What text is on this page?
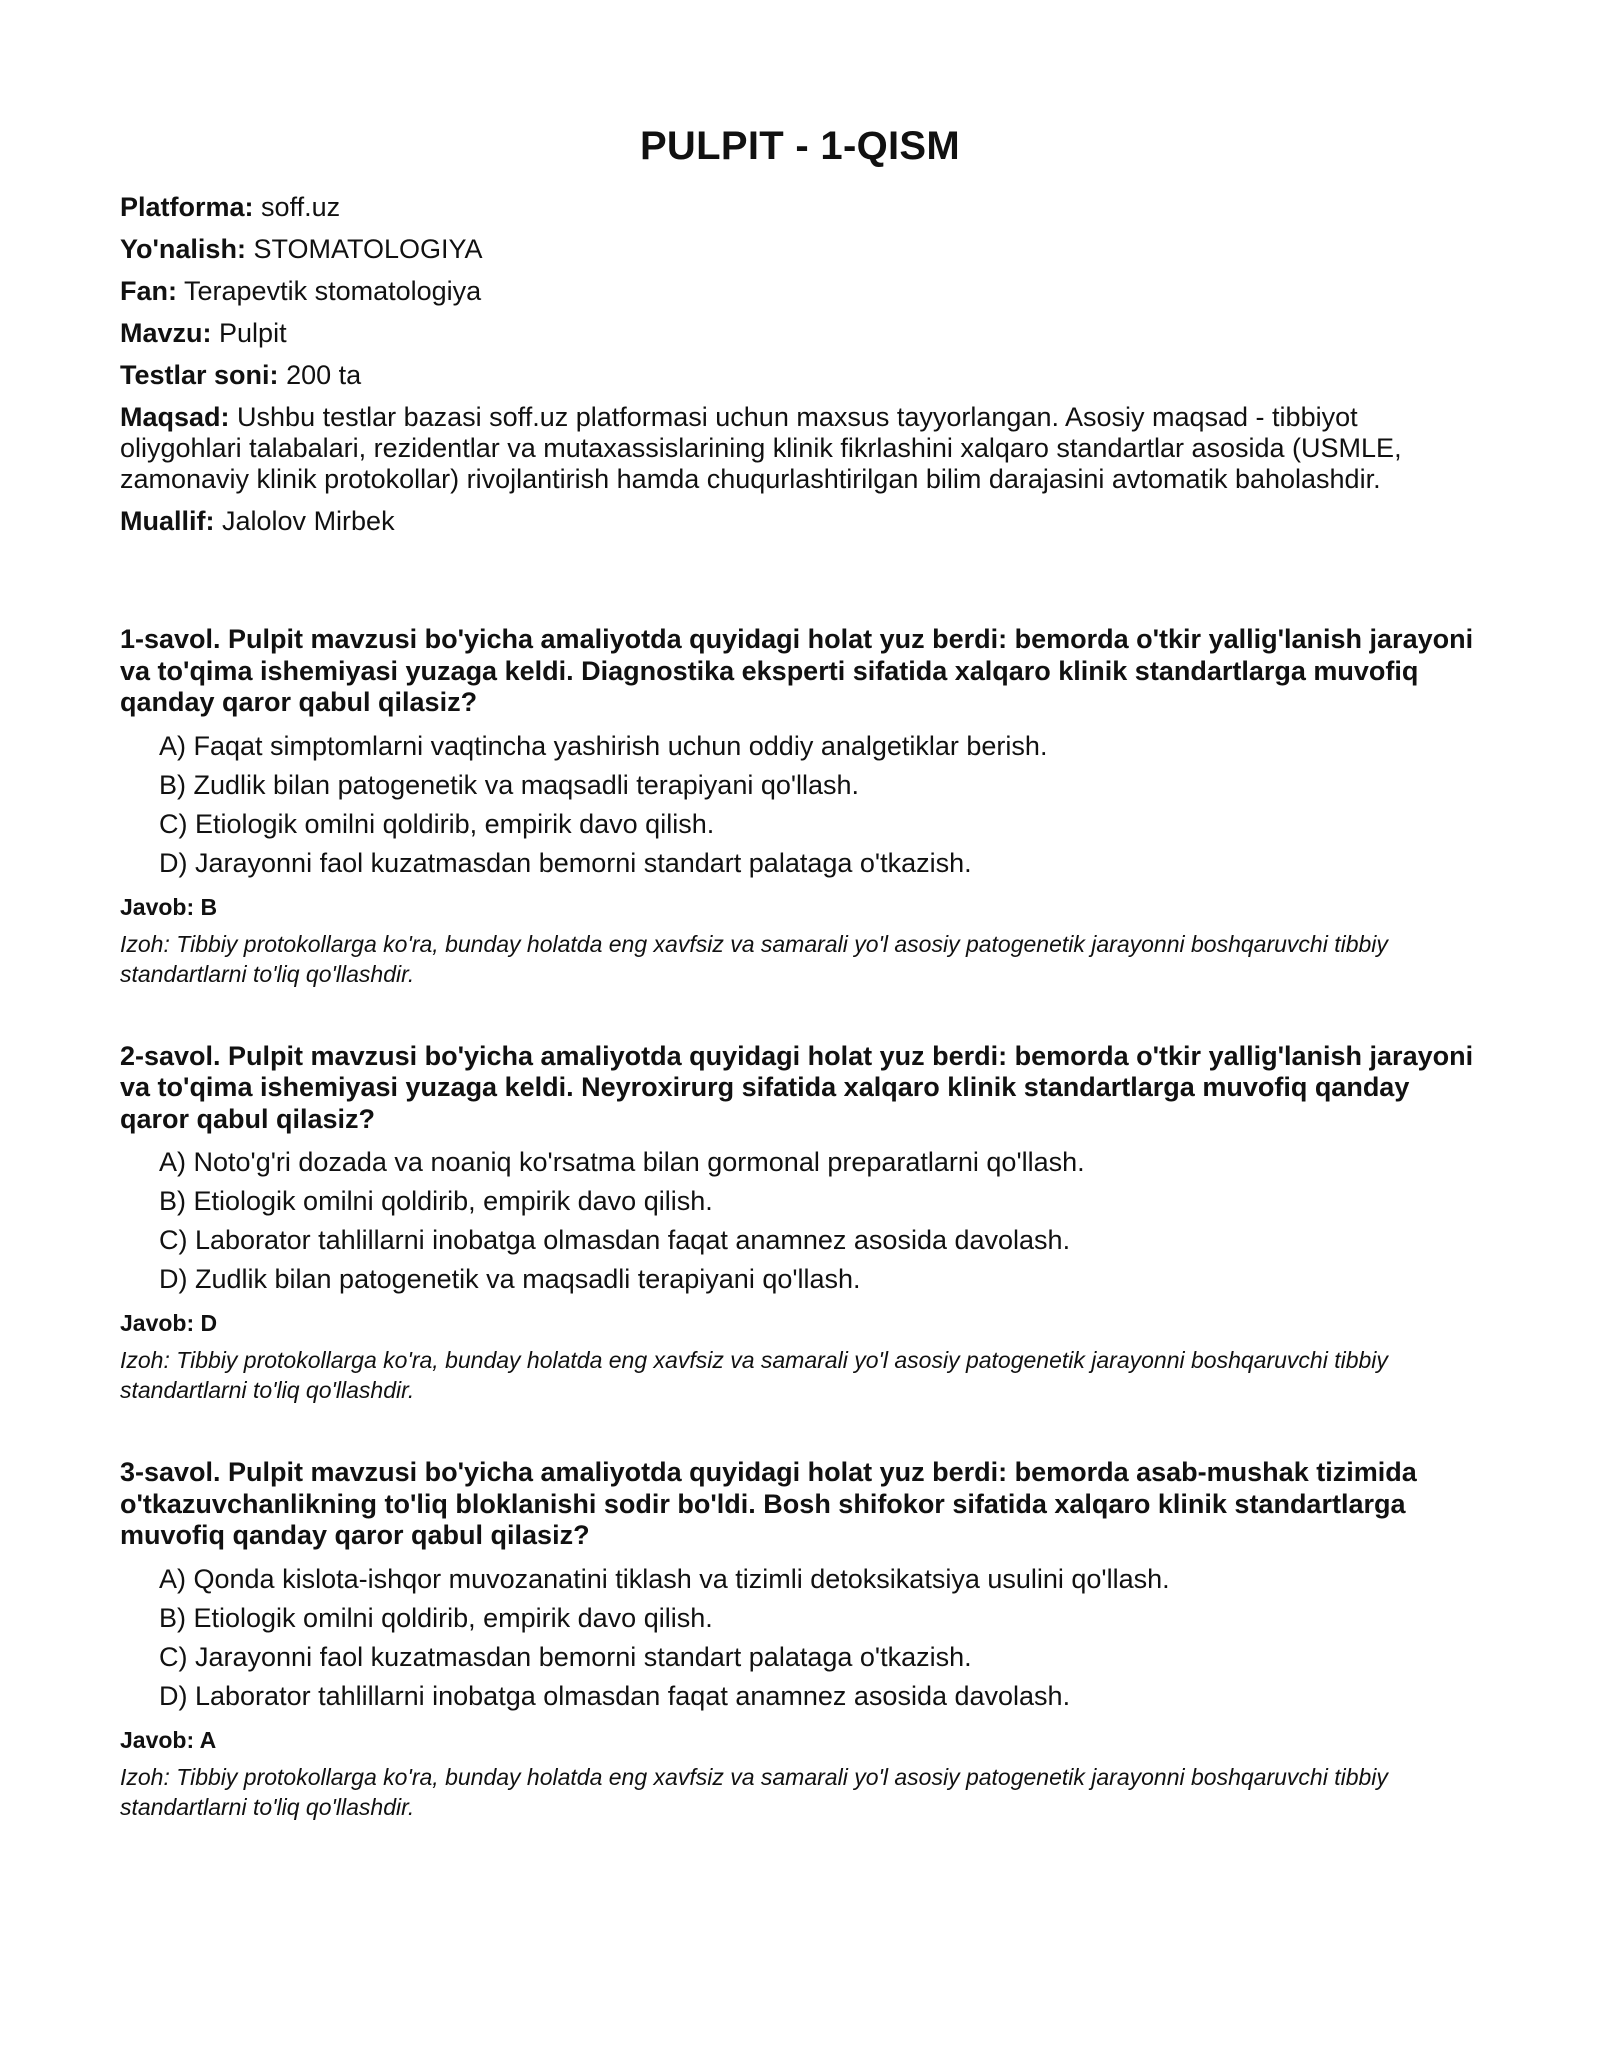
PULPIT - 1-QISM
Platforma: soff.uz
Yo'nalish: STOMATOLOGIYA
Fan: Terapevtik stomatologiya
Mavzu: Pulpit
Testlar soni: 200 ta
Maqsad: Ushbu testlar bazasi soff.uz platformasi uchun maxsus tayyorlangan. Asosiy maqsad - tibbiyot oliygohlari talabalari, rezidentlar va mutaxassislarining klinik fikrlashini xalqaro standartlar asosida (USMLE, zamonaviy klinik protokollar) rivojlantirish hamda chuqurlashtirilgan bilim darajasini avtomatik baholashdir.
Muallif: Jalolov Mirbek
1-savol. Pulpit mavzusi bo'yicha amaliyotda quyidagi holat yuz berdi: bemorda o'tkir yallig'lanish jarayoni va to'qima ishemiyasi yuzaga keldi. Diagnostika eksperti sifatida xalqaro klinik standartlarga muvofiq qanday qaror qabul qilasiz?
A) Faqat simptomlarni vaqtincha yashirish uchun oddiy analgetiklar berish.
B) Zudlik bilan patogenetik va maqsadli terapiyani qo'llash.
C) Etiologik omilni qoldirib, empirik davo qilish.
D) Jarayonni faol kuzatmasdan bemorni standart palataga o'tkazish.
Javob: B

Izoh: Tibbiy protokollarga ko'ra, bunday holatda eng xavfsiz va samarali yo'l asosiy patogenetik jarayonni boshqaruvchi tibbiy standartlarni to'liq qo'llashdir.

2-savol. Pulpit mavzusi bo'yicha amaliyotda quyidagi holat yuz berdi: bemorda o'tkir yallig'lanish jarayoni va to'qima ishemiyasi yuzaga keldi. Neyroxirurg sifatida xalqaro klinik standartlarga muvofiq qanday qaror qabul qilasiz?
A) Noto'g'ri dozada va noaniq ko'rsatma bilan gormonal preparatlarni qo'llash.
B) Etiologik omilni qoldirib, empirik davo qilish.
C) Laborator tahlillarni inobatga olmasdan faqat anamnez asosida davolash.
D) Zudlik bilan patogenetik va maqsadli terapiyani qo'llash.
Javob: D

Izoh: Tibbiy protokollarga ko'ra, bunday holatda eng xavfsiz va samarali yo'l asosiy patogenetik jarayonni boshqaruvchi tibbiy standartlarni to'liq qo'llashdir.

3-savol. Pulpit mavzusi bo'yicha amaliyotda quyidagi holat yuz berdi: bemorda asab-mushak tizimida o'tkazuvchanlikning to'liq bloklanishi sodir bo'ldi. Bosh shifokor sifatida xalqaro klinik standartlarga muvofiq qanday qaror qabul qilasiz?
A) Qonda kislota-ishqor muvozanatini tiklash va tizimli detoksikatsiya usulini qo'llash.
B) Etiologik omilni qoldirib, empirik davo qilish.
C) Jarayonni faol kuzatmasdan bemorni standart palataga o'tkazish.
D) Laborator tahlillarni inobatga olmasdan faqat anamnez asosida davolash.
Javob: A

Izoh: Tibbiy protokollarga ko'ra, bunday holatda eng xavfsiz va samarali yo'l asosiy patogenetik jarayonni boshqaruvchi tibbiy standartlarni to'liq qo'llashdir.
